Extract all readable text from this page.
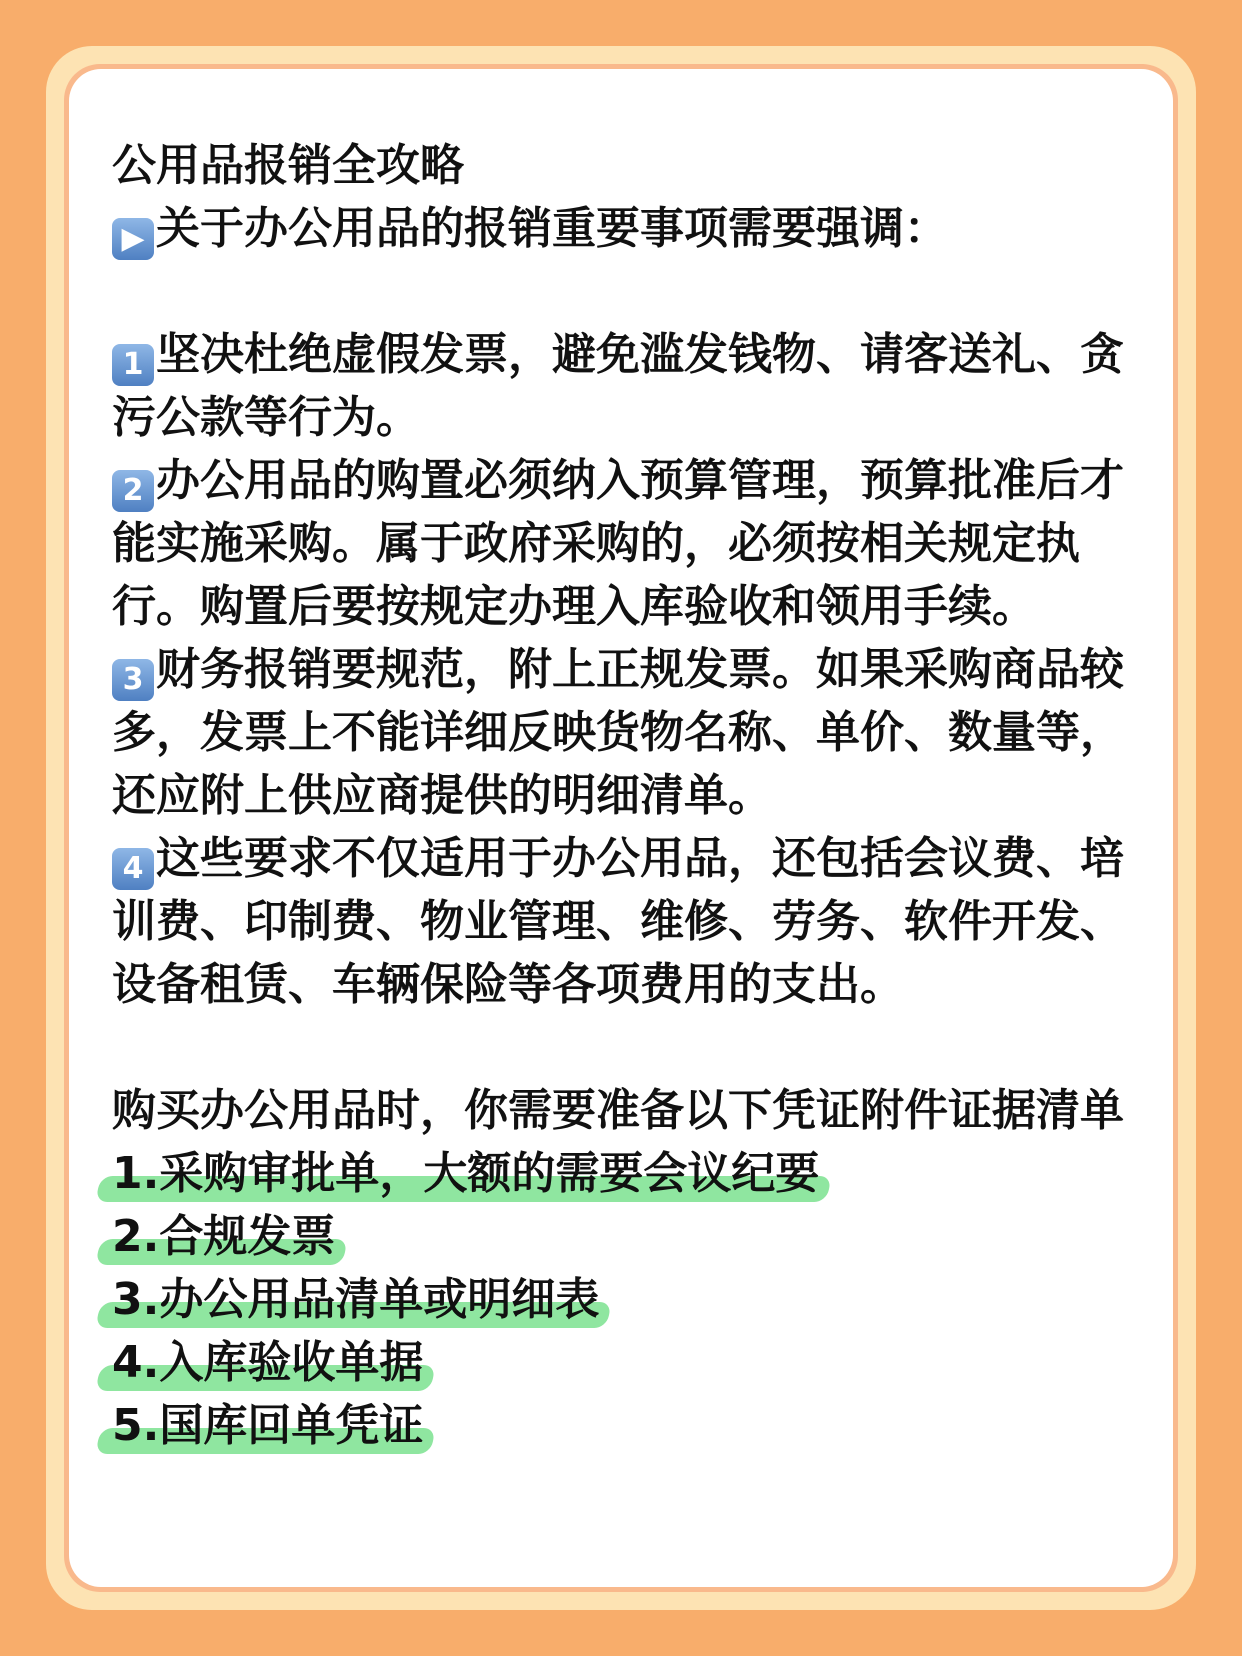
公用品报销全攻略
▶ 关于办公用品的报销重要事项需要强调：
1 坚决杜绝虚假发票，避免滥发钱物、请客送礼、贪污公款等行为。
2 办公用品的购置必须纳入预算管理，预算批准后才能实施采购。属于政府采购的，必须按相关规定执行。购置后要按规定办理入库验收和领用手续。
3 财务报销要规范，附上正规发票。如果采购商品较多，发票上不能详细反映货物名称、单价、数量等，还应附上供应商提供的明细清单。
4 这些要求不仅适用于办公用品，还包括会议费、培训费、印制费、物业管理、维修、劳务、软件开发、设备租赁、车辆保险等各项费用的支出。
购买办公用品时，你需要准备以下凭证附件证据清单
1.采购审批单，大额的需要会议纪要
2.合规发票
3.办公用品清单或明细表
4.入库验收单据
5.国库回单凭证
